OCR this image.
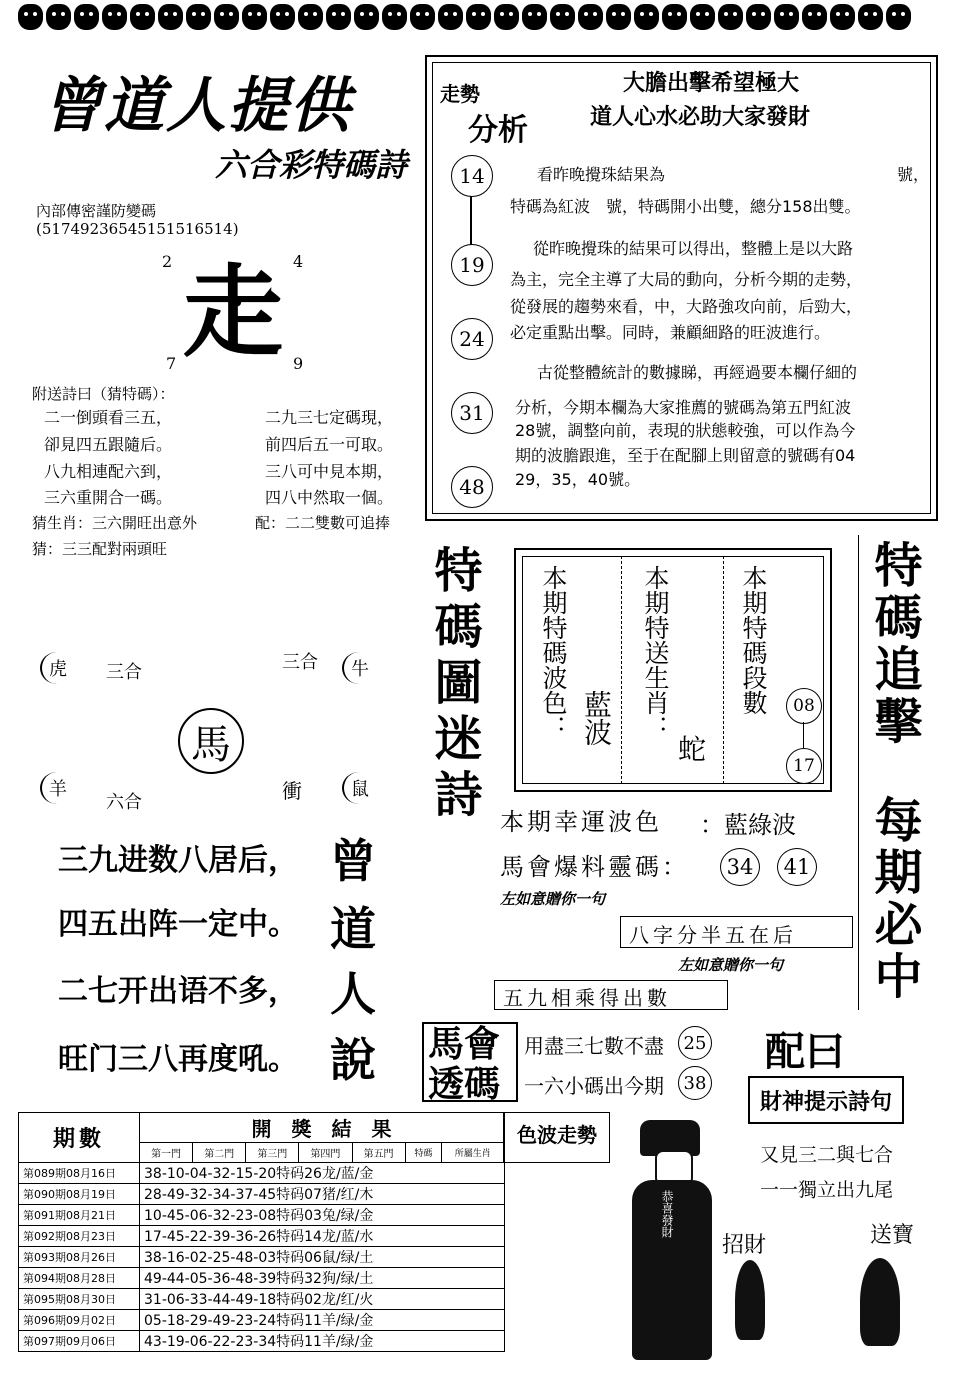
曾道人提供
六合彩特碼詩
內部傳密謹防變碼
(51749236545151516514)
2	4
7	9
走
附送詩曰（猜特碼）：
二一倒頭看三五，
卻見四五跟隨后。
八九相連配六到，
三六重開合一碼。
二九三七定碼現，
前四后五一可取。
三八可中見本期，
四八中然取一個。
猜生肖：三六開旺出意外	配：二二雙數可追捧
猜：三三配對兩頭旺
走勢
分析
大膽出擊希望極大
道人心水必助大家發財
14
19
24
31
48
看昨晚攪珠結果為	號，
特碼為紅波　號，特碼開小出雙，總分158出雙。
從昨晚攪珠的結果可以得出，整體上是以大路
為主，完全主導了大局的動向，分析今期的走勢，
從發展的趨勢來看，中，大路強攻向前，后勁大，
必定重點出擊。同時，兼顧細路的旺波進行。
古從整體統計的數據睇，再經過要本欄仔細的
分析，今期本欄為大家推薦的號碼為第五門紅波
28號，調整向前，表現的狀態較強，可以作為今
期的波膽跟進，至于在配腳上則留意的號碼有04
29，35，40號。
虎 三合	三合 牛
馬
羊
六合	衝	鼠
三九进数八居后，
四五出阵一定中。
二七开出语不多，
旺门三八再度吼。
曾
道
人
說
特碼圖迷詩 本期特碼波色： 藍波 本期特送生肖：
蛇
本期特碼段數 08
17
本期幸運波色 ：藍綠波
馬會爆料靈碼： 34 41
左如意贈你一句
八字分半五在后
左如意贈你一句
五九相乘得出數
特碼追擊
每期必中
馬會透碼
用盡三七數不盡 25
一六小碼出今期 38
配曰
財神提示詩句
又見三二與七合
一一獨立出九尾
招財	送寶
恭喜發財
期數	開　獎　結　果							色波走勢
	第一門	第二門	第三門	第四門	第五門	特碼	所屬生肖	
第089期08月16日	38-10-04-32-15-20特码26龙/蓝/金							
第090期08月19日	28-49-32-34-37-45特码07猪/红/木							
第091期08月21日	10-45-06-32-23-08特码03兔/绿/金							
第092期08月23日	17-45-22-39-36-26特码14龙/蓝/水							
第093期08月26日	38-16-02-25-48-03特码06鼠/绿/土							
第094期08月28日	49-44-05-36-48-39特码32狗/绿/土							
第095期08月30日	31-06-33-44-49-18特码02龙/红/火							
第096期09月02日	05-18-29-49-23-24特码11羊/绿/金							
第097期09月06日	43-19-06-22-23-34特码11羊/绿/金							
